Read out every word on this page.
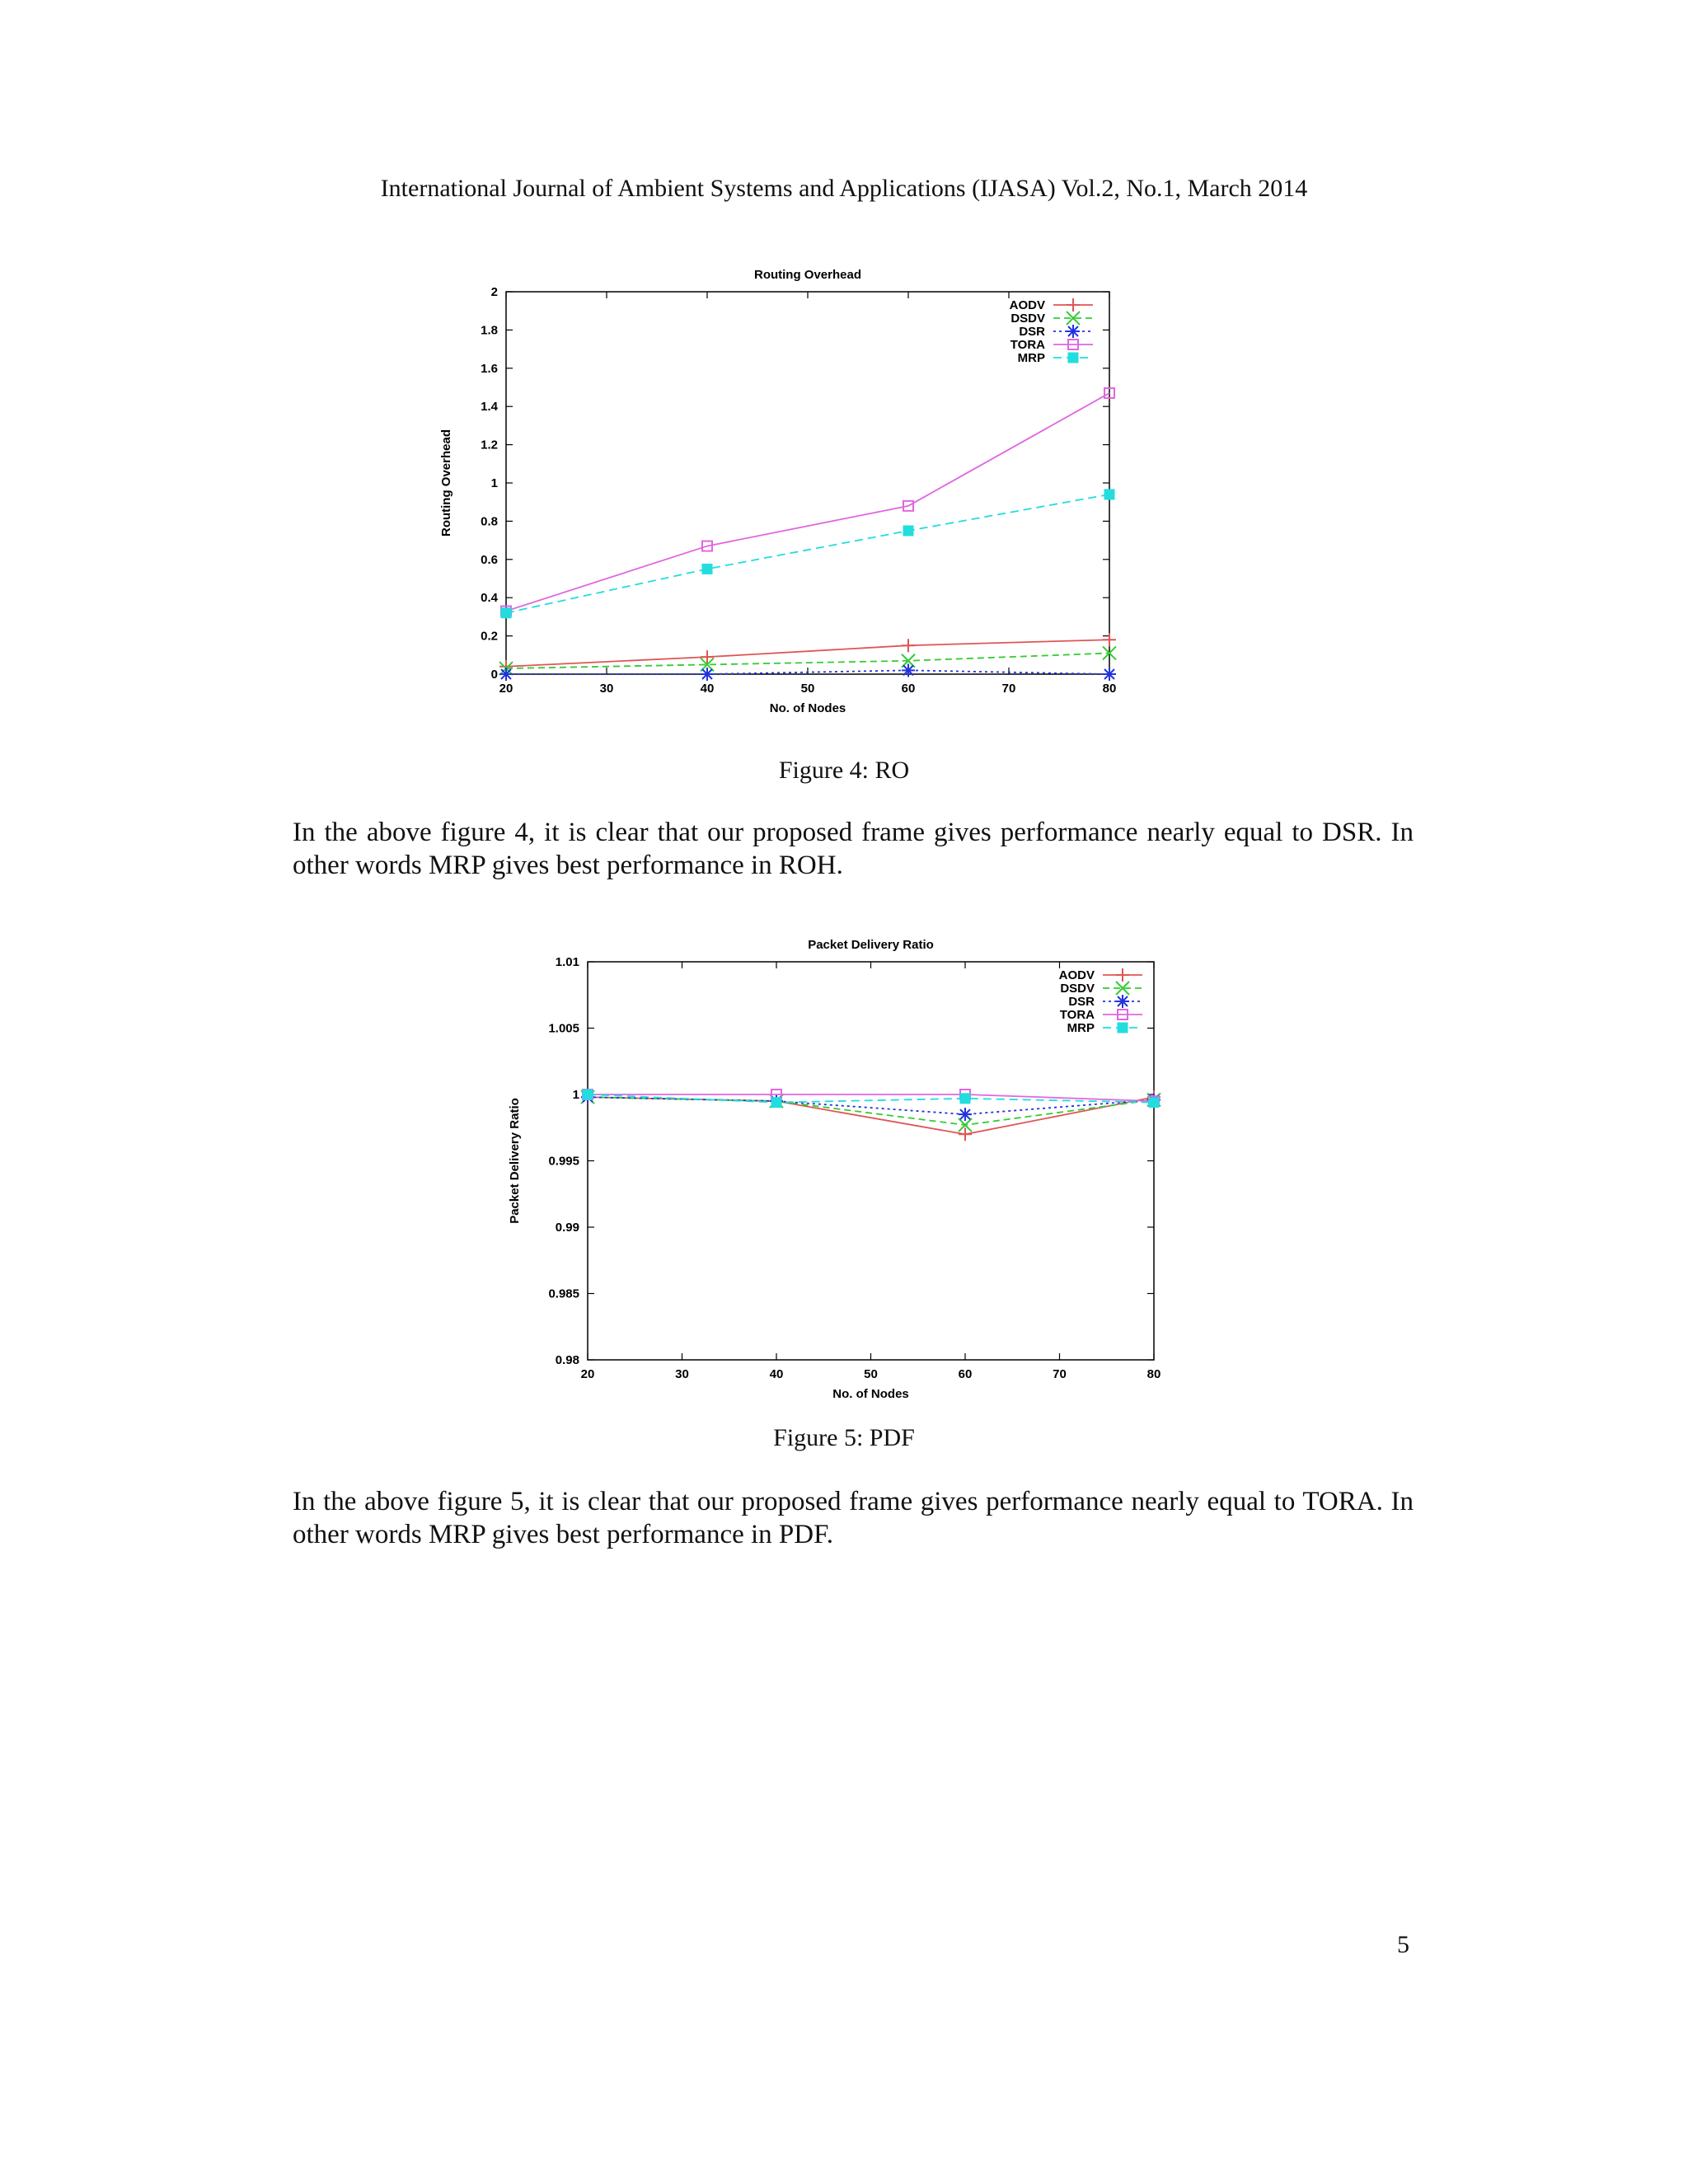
International Journal of Ambient Systems and Applications (IJASA) Vol.2, No.1, March 2014
Routing Overhead
20	30	40	50	60	70	80
0
0.2
0.4
0.6
0.8
1
1.2
1.4
1.6
1.8
2
No. of Nodes
Routing Overhead
AODV
DSDV
DSR
TORA
MRP
Figure 4: RO

In the above figure 4, it is clear that our proposed frame gives performance nearly equal to DSR. In other words MRP gives best performance in ROH.

Packet Delivery Ratio
20	30	40	50	60	70	80
0.98
0.985
0.99
0.995
1
1.005
1.01
No. of Nodes
Packet Delivery Ratio
AODV
DSDV
DSR
TORA
MRP
Figure 5: PDF

In the above figure 5, it is clear that our proposed frame gives performance nearly equal to TORA. In other words MRP gives best performance in PDF.

5
